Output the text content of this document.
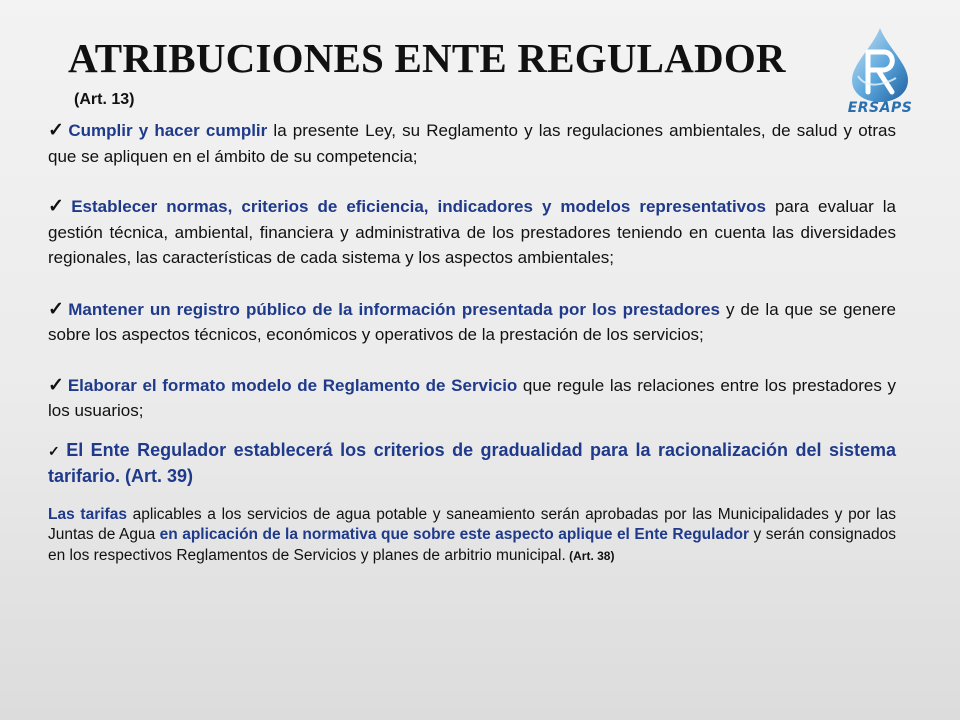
ATRIBUCIONES ENTE REGULADOR
(Art. 13)	ERSAPS

✓ Cumplir y hacer cumplir la presente Ley, su Reglamento y las regulaciones ambientales, de salud y otras que se apliquen en el ámbito de su competencia;

✓ Establecer normas, criterios de eficiencia, indicadores y modelos representativos para evaluar la gestión técnica, ambiental, financiera y administrativa de los prestadores teniendo en cuenta las diversidades regionales, las características de cada sistema y los aspectos ambientales;

✓ Mantener un registro público de la información presentada por los prestadores y de la que se genere sobre los aspectos técnicos, económicos y operativos de la prestación de los servicios;

✓ Elaborar el formato modelo de Reglamento de Servicio que regule las relaciones entre los prestadores y los usuarios;

✓ El Ente Regulador establecerá los criterios de gradualidad para la racionalización del sistema tarifario. (Art. 39)

Las tarifas aplicables a los servicios de agua potable y saneamiento serán aprobadas por las Municipalidades y por las Juntas de Agua en aplicación de la normativa que sobre este aspecto aplique el Ente Regulador y serán consignados en los respectivos Reglamentos de Servicios y planes de arbitrio municipal. (Art. 38)
